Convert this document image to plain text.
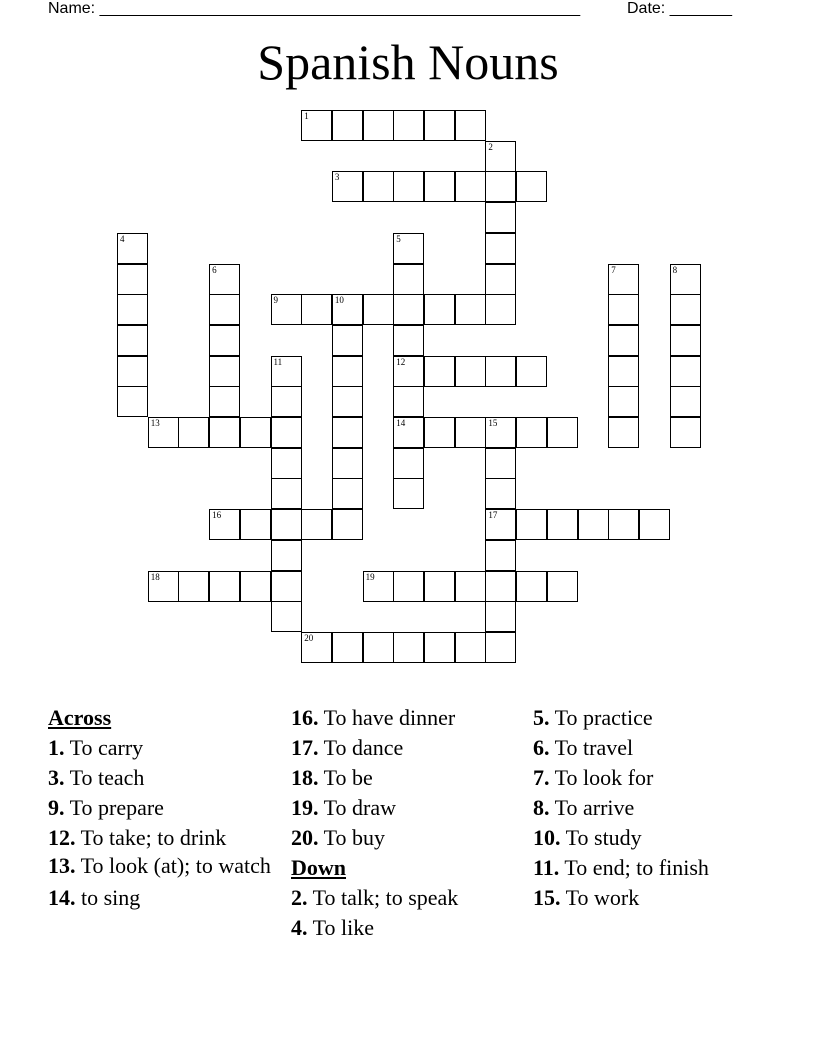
Name: ______________________________________________________	Date: _______
Spanish Nouns
1
2
3
4	5
12
14
6	7	8
9	10
11
13	15
17
16
18	19
20
Across
1. To carry
3. To teach
9. To prepare
12. To take; to drink
13. To look (at); to watch
14. to sing
16. To have dinner
17. To dance
18. To be
19. To draw
20. To buy
Down
2. To talk; to speak
4. To like
5. To practice
6. To travel
7. To look for
8. To arrive
10. To study
11. To end; to finish
15. To work
